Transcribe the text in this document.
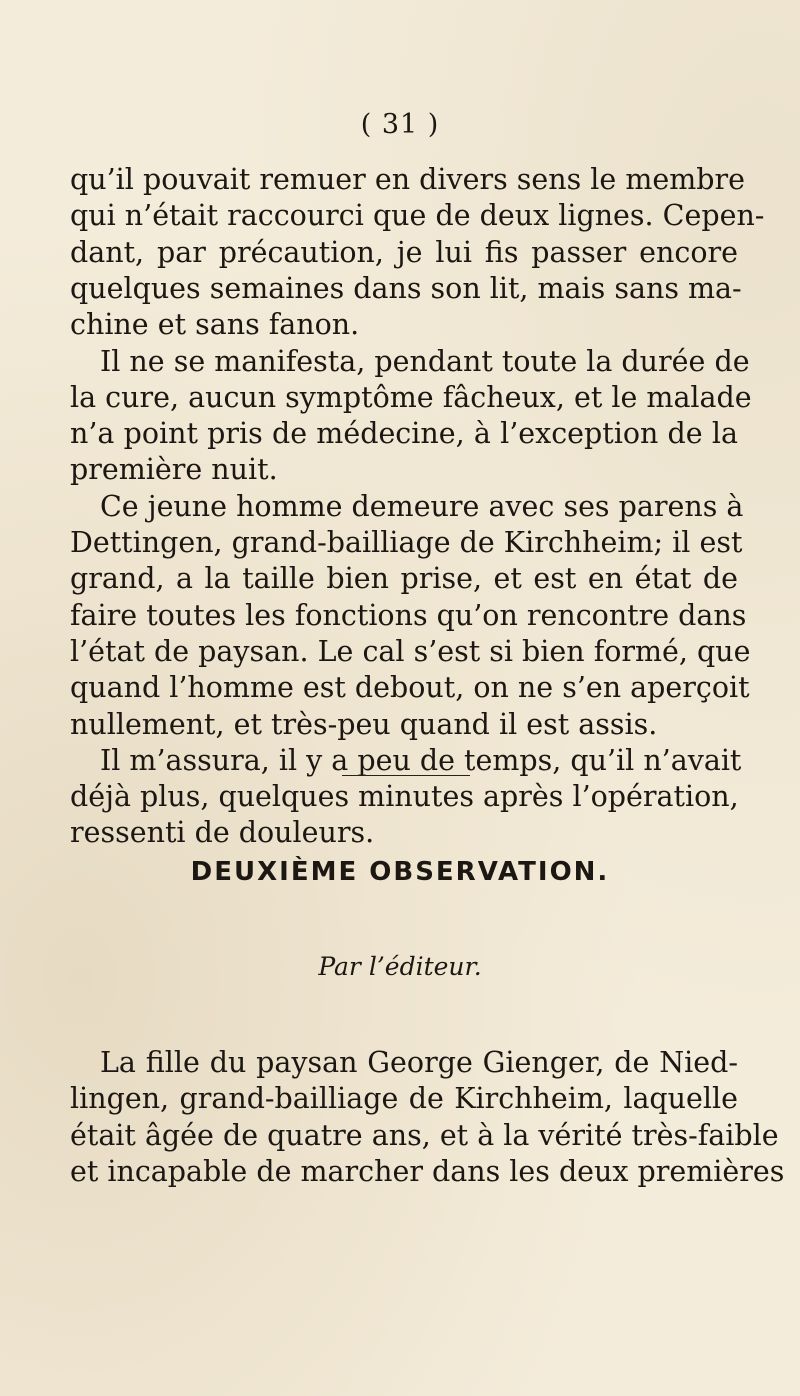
( 31 )
qu’il pouvait remuer en divers sens le membre
qui n’était raccourci que de deux lignes. Cepen-
dant, par précaution, je lui fis passer encore
quelques semaines dans son lit, mais sans ma-
chine et sans fanon.
Il ne se manifesta, pendant toute la durée de
la cure, aucun symptôme fâcheux, et le malade
n’a point pris de médecine, à l’exception de la
première nuit.
Ce jeune homme demeure avec ses parens à
Dettingen, grand-bailliage de Kirchheim; il est
grand, a la taille bien prise, et est en état de
faire toutes les fonctions qu’on rencontre dans
l’état de paysan. Le cal s’est si bien formé, que
quand l’homme est debout, on ne s’en aperçoit
nullement, et très-peu quand il est assis.
Il m’assura, il y a peu de temps, qu’il n’avait
déjà plus, quelques minutes après l’opération,
ressenti de douleurs.
DEUXIÈME OBSERVATION.
Par l’éditeur.
La fille du paysan George Gienger, de Nied-
lingen, grand-bailliage de Kirchheim, laquelle
était âgée de quatre ans, et à la vérité très-faible
et incapable de marcher dans les deux premières
